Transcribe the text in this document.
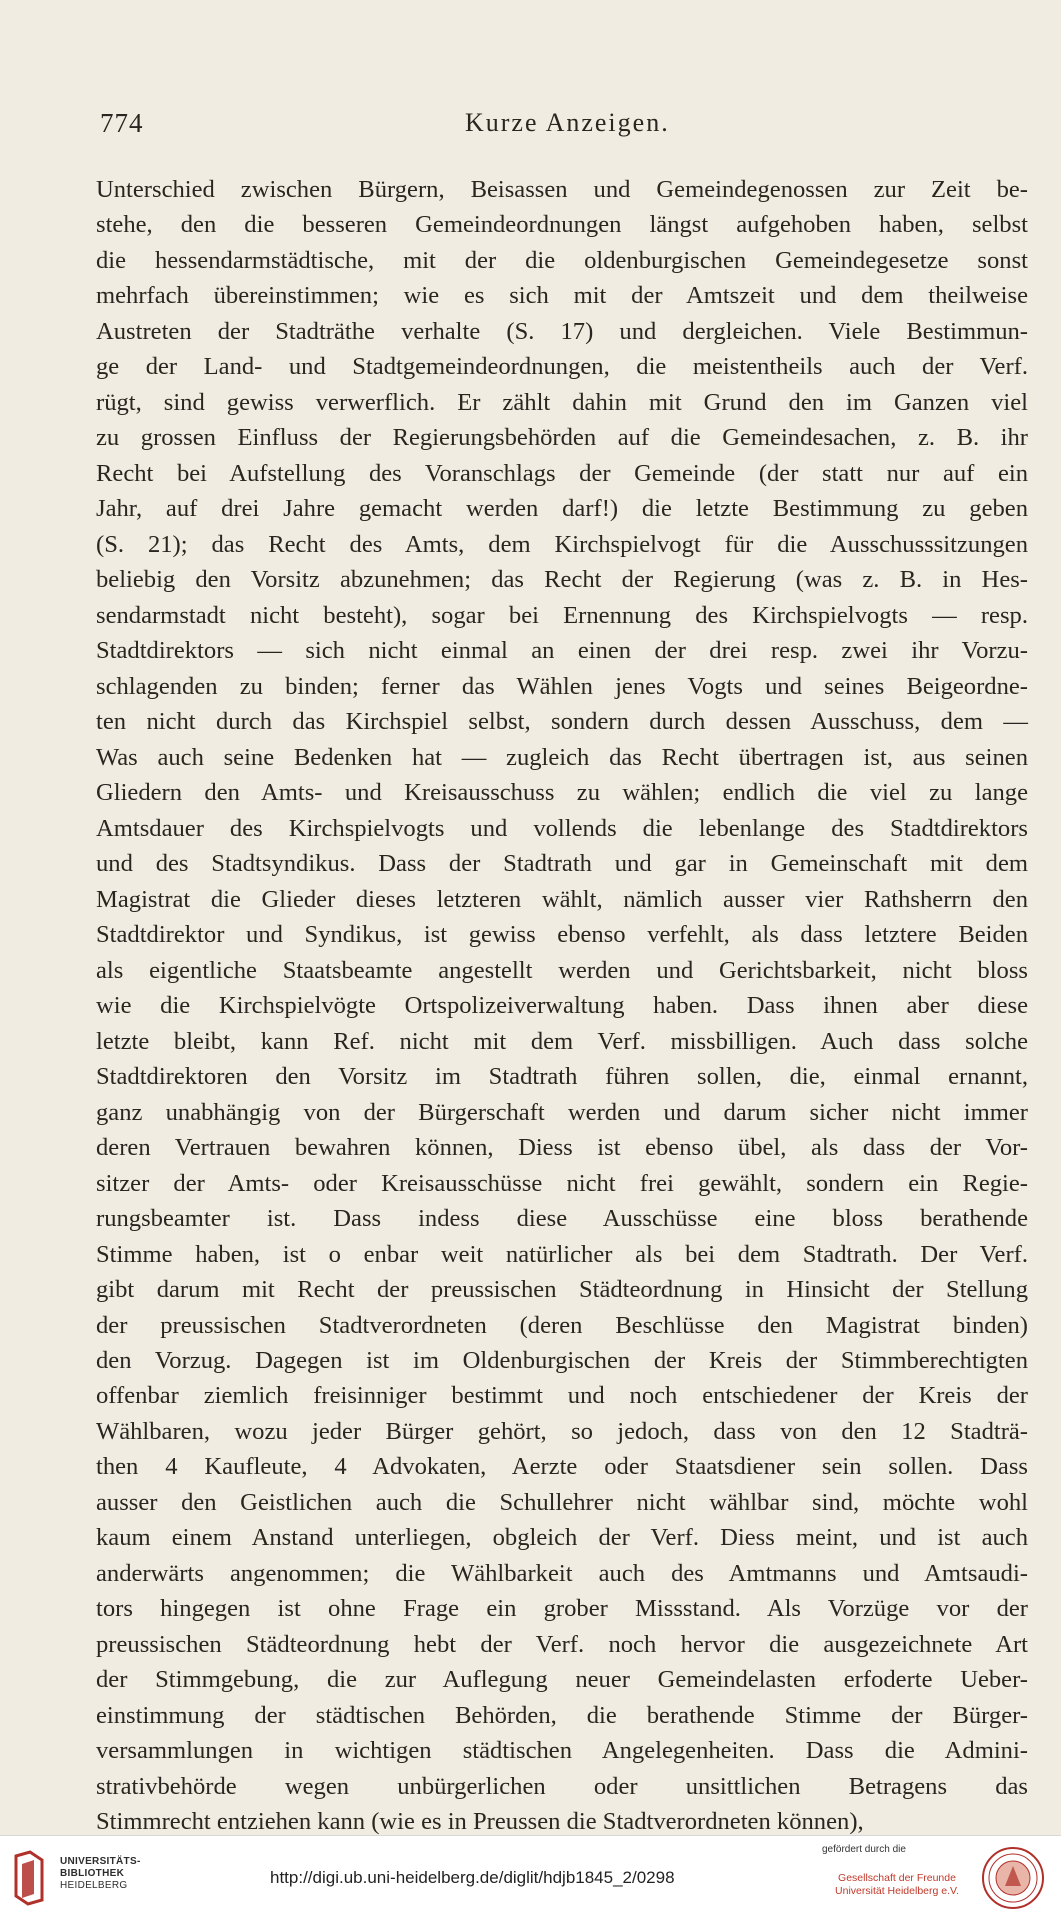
774	Kurze Anzeigen.
Unterschied zwischen Bürgern, Beisassen und Gemeindegenossen zur Zeit be-
stehe, den die besseren Gemeindeordnungen längst aufgehoben haben, selbst
die hessendarmstädtische, mit der die oldenburgischen Gemeindegesetze sonst
mehrfach übereinstimmen; wie es sich mit der Amtszeit und dem theilweise
Austreten der Stadträthe verhalte (S. 17) und dergleichen. Viele Bestimmun-
ge der Land- und Stadtgemeindeordnungen, die meistentheils auch der Verf.
rügt, sind gewiss verwerflich. Er zählt dahin mit Grund den im Ganzen viel
zu grossen Einfluss der Regierungsbehörden auf die Gemeindesachen, z. B. ihr
Recht bei Aufstellung des Voranschlags der Gemeinde (der statt nur auf ein
Jahr, auf drei Jahre gemacht werden darf!) die letzte Bestimmung zu geben
(S. 21); das Recht des Amts, dem Kirchspielvogt für die Ausschusssitzungen
beliebig den Vorsitz abzunehmen; das Recht der Regierung (was z. B. in Hes-
sendarmstadt nicht besteht), sogar bei Ernennung des Kirchspielvogts — resp.
Stadtdirektors — sich nicht einmal an einen der drei resp. zwei ihr Vorzu-
schlagenden zu binden; ferner das Wählen jenes Vogts und seines Beigeordne-
ten nicht durch das Kirchspiel selbst, sondern durch dessen Ausschuss, dem —
Was auch seine Bedenken hat — zugleich das Recht übertragen ist, aus seinen
Gliedern den Amts- und Kreisausschuss zu wählen; endlich die viel zu lange
Amtsdauer des Kirchspielvogts und vollends die lebenlange des Stadtdirektors
und des Stadtsyndikus. Dass der Stadtrath und gar in Gemeinschaft mit dem
Magistrat die Glieder dieses letzteren wählt, nämlich ausser vier Rathsherrn den
Stadtdirektor und Syndikus, ist gewiss ebenso verfehlt, als dass letztere Beiden
als eigentliche Staatsbeamte angestellt werden und Gerichtsbarkeit, nicht bloss
wie die Kirchspielvögte Ortspolizeiverwaltung haben. Dass ihnen aber diese
letzte bleibt, kann Ref. nicht mit dem Verf. missbilligen. Auch dass solche
Stadtdirektoren den Vorsitz im Stadtrath führen sollen, die, einmal ernannt,
ganz unabhängig von der Bürgerschaft werden und darum sicher nicht immer
deren Vertrauen bewahren können, Diess ist ebenso übel, als dass der Vor-
sitzer der Amts- oder Kreisausschüsse nicht frei gewählt, sondern ein Regie-
rungsbeamter ist. Dass indess diese Ausschüsse eine bloss berathende
Stimme haben, ist o enbar weit natürlicher als bei dem Stadtrath. Der Verf.
gibt darum mit Recht der preussischen Städteordnung in Hinsicht der Stellung
der preussischen Stadtverordneten (deren Beschlüsse den Magistrat binden)
den Vorzug. Dagegen ist im Oldenburgischen der Kreis der Stimmberechtigten
offenbar ziemlich freisinniger bestimmt und noch entschiedener der Kreis der
Wählbaren, wozu jeder Bürger gehört, so jedoch, dass von den 12 Stadträ-
then 4 Kaufleute, 4 Advokaten, Aerzte oder Staatsdiener sein sollen. Dass
ausser den Geistlichen auch die Schullehrer nicht wählbar sind, möchte wohl
kaum einem Anstand unterliegen, obgleich der Verf. Diess meint, und ist auch
anderwärts angenommen; die Wählbarkeit auch des Amtmanns und Amtsaudi-
tors hingegen ist ohne Frage ein grober Missstand. Als Vorzüge vor der
preussischen Städteordnung hebt der Verf. noch hervor die ausgezeichnete Art
der Stimmgebung, die zur Auflegung neuer Gemeindelasten erfoderte Ueber-
einstimmung der städtischen Behörden, die berathende Stimme der Bürger-
versammlungen in wichtigen städtischen Angelegenheiten. Dass die Admini-
strativbehörde wegen unbürgerlichen oder unsittlichen Betragens das
Stimmrecht entziehen kann (wie es in Preussen die Stadtverordneten können),
UNIVERSITÄTS-
BIBLIOTHEK
HEIDELBERG	http://digi.ub.uni-heidelberg.de/diglit/hdjb1845_2/0298
gefördert durch die
Gesellschaft der Freunde
Universität Heidelberg e.V.
